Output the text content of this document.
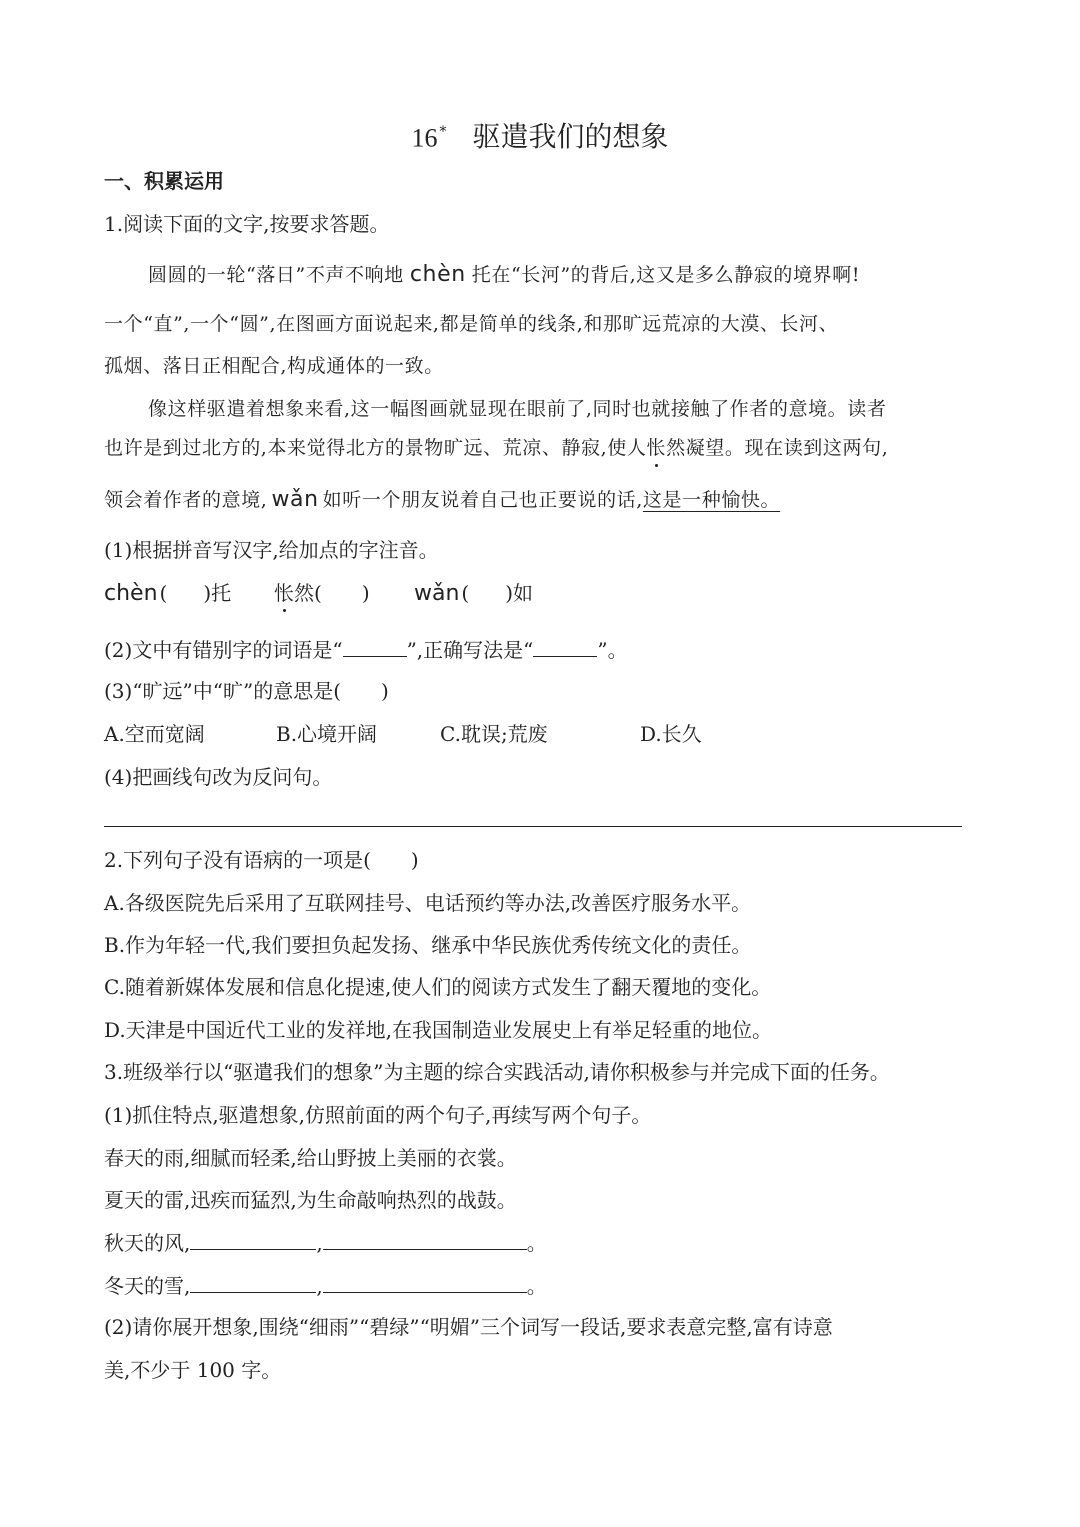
16 * 驱遣我们的想象
一、积累运用
1.阅读下面的文字,按要求答题。
圆圆的一轮“落日”不声不响地 chèn 托在“长河”的背后,这又是多么静寂的境界啊!
一个“直”,一个“圆”,在图画方面说起来,都是简单的线条,和那旷远荒凉的大漠、长河、
孤烟、落日正相配合,构成通体的一致。
像这样驱遣着想象来看,这一幅图画就显现在眼前了,同时也就接触了作者的意境。读者
也许是到过北方的,本来觉得北方的景物旷远、荒凉、静寂,使人怅然凝望。现在读到这两句,
领会着作者的意境, wǎn 如听一个朋友说着自己也正要说的话,这是一种愉快。
(1)根据拼音写汉字,给加点的字注音。
chèn ( )托 怅然( ) wǎn ( )如
(2)文中有错别字的词语是“	”,正确写法是“	”。
(3)“旷远”中“旷”的意思是(　　)
A.空而宽阔	B.心境开阔	C.耽误;荒废	D.长久
(4)把画线句改为反问句。
2.下列句子没有语病的一项是(　　)
A.各级医院先后采用了互联网挂号、电话预约等办法,改善医疗服务水平。
B.作为年轻一代,我们要担负起发扬、继承中华民族优秀传统文化的责任。
C.随着新媒体发展和信息化提速,使人们的阅读方式发生了翻天覆地的变化。
D.天津是中国近代工业的发祥地,在我国制造业发展史上有举足轻重的地位。
3.班级举行以“驱遣我们的想象”为主题的综合实践活动,请你积极参与并完成下面的任务。
(1)抓住特点,驱遣想象,仿照前面的两个句子,再续写两个句子。
春天的雨,细腻而轻柔,给山野披上美丽的衣裳。
夏天的雷,迅疾而猛烈,为生命敲响热烈的战鼓。
秋天的风,	,	。
冬天的雪,	,	。
(2)请你展开想象,围绕“细雨”“碧绿”“明媚”三个词写一段话,要求表意完整,富有诗意
美,不少于 100 字。
